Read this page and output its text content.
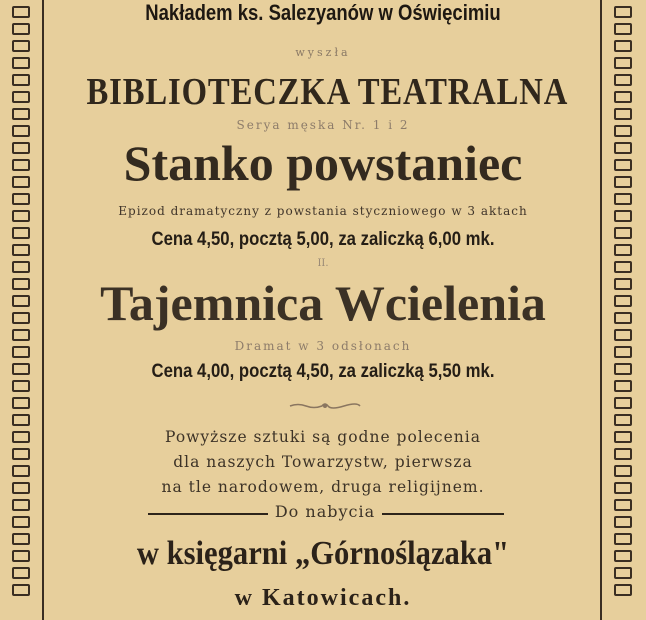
Nakładem ks. Salezyanów w Oświęcimiu
wyszła
BIBLIOTECZKA TEATRALNA
Serya męska Nr. 1 i 2
Stanko powstaniec
Epizod dramatyczny z powstania styczniowego w 3 aktach
Cena 4,50, pocztą 5,00, za zaliczką 6,00 mk.
II.
Tajemnica Wcielenia
Dramat w 3 odsłonach
Cena 4,00, pocztą 4,50, za zaliczką 5,50 mk.
Powyższe sztuki są godne polecenia
dla naszych Towarzystw, pierwsza
na tle narodowem, druga religijnem.
Do nabycia
w księgarni „Górnoślązaka"
w Katowicach.
